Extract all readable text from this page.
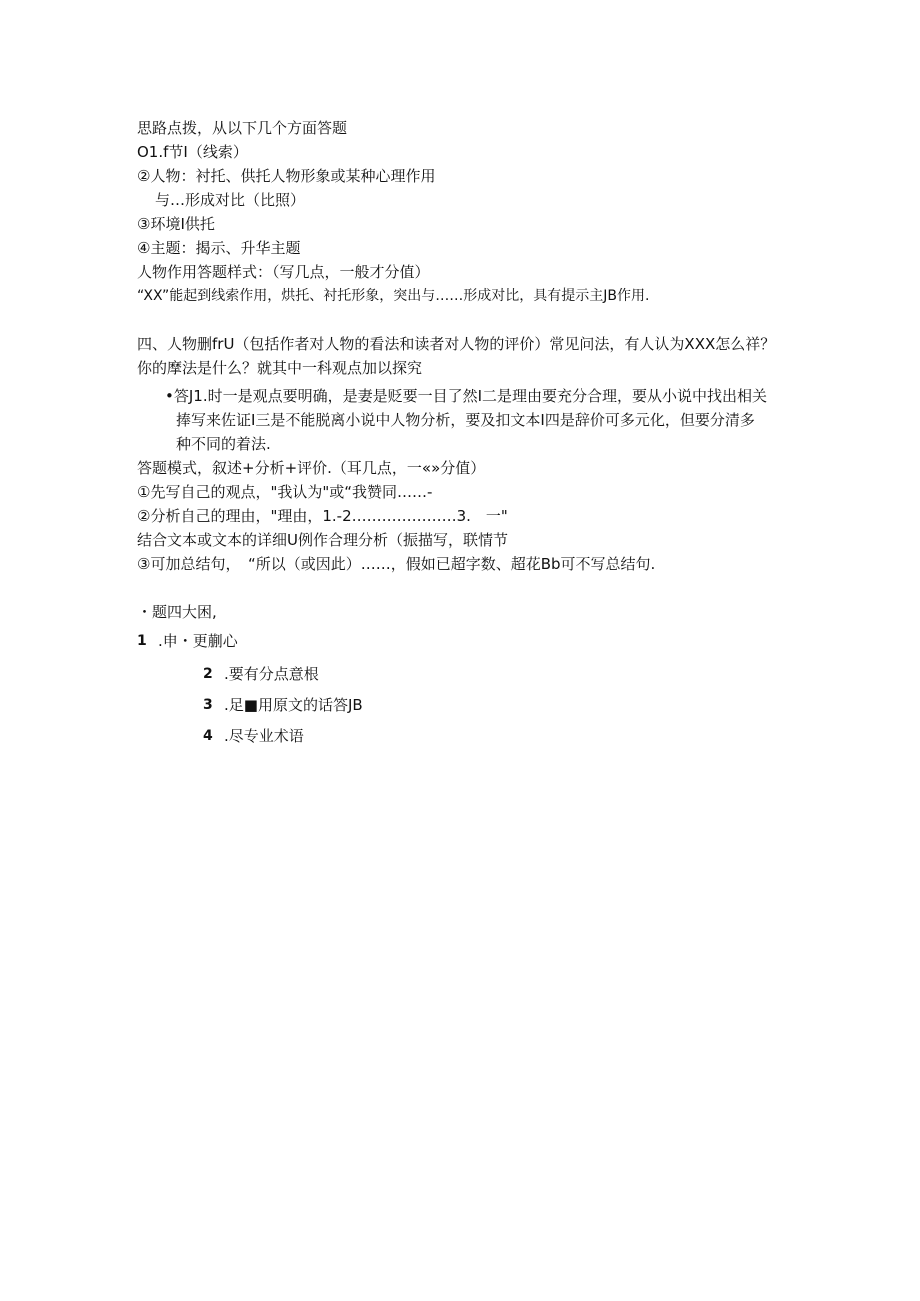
思路点拨，从以下几个方面答题
O1.f节I（线索）
②人物：衬托、供托人物形象或某种心理作用
与…形成对比（比照）
③环境I供托
④主题：揭示、升华主题
人物作用答题样式：（写几点，一般才分值）
“XX”能起到线索作用，烘托、衬托形象，突出与……形成对比，具有提示主JB作用.
四、人物删frU（包括作者对人物的看法和读者对人物的评价）常见问法，有人认为XXX怎么祥？
你的摩法是什么？就其中一科观点加以探究
•答J1.时一是观点要明确，是妻是贬要一目了然I二是理由要充分合理，要从小说中找出相关
捧写来佐证I三是不能脱离小说中人物分析，要及扣文本I四是辞价可多元化，但要分清多
种不同的着法.
答题模式，叙述+分析+评价.（耳几点，一«»分值）
①先写自己的观点，"我认为"或“我赞同……-
②分析自己的理由，"理由，1.-2…………………3.　一"
结合文本或文本的详细U例作合理分析（振描写，联情节
③可加总结句，　“所以（或因此）……，假如已超字数、超花Bb可不写总结句.
・题四大困,
1 .申・更蒯心
2 .要有分点意根
3 .足■用原文的话答JB
4 .尽专业术语
